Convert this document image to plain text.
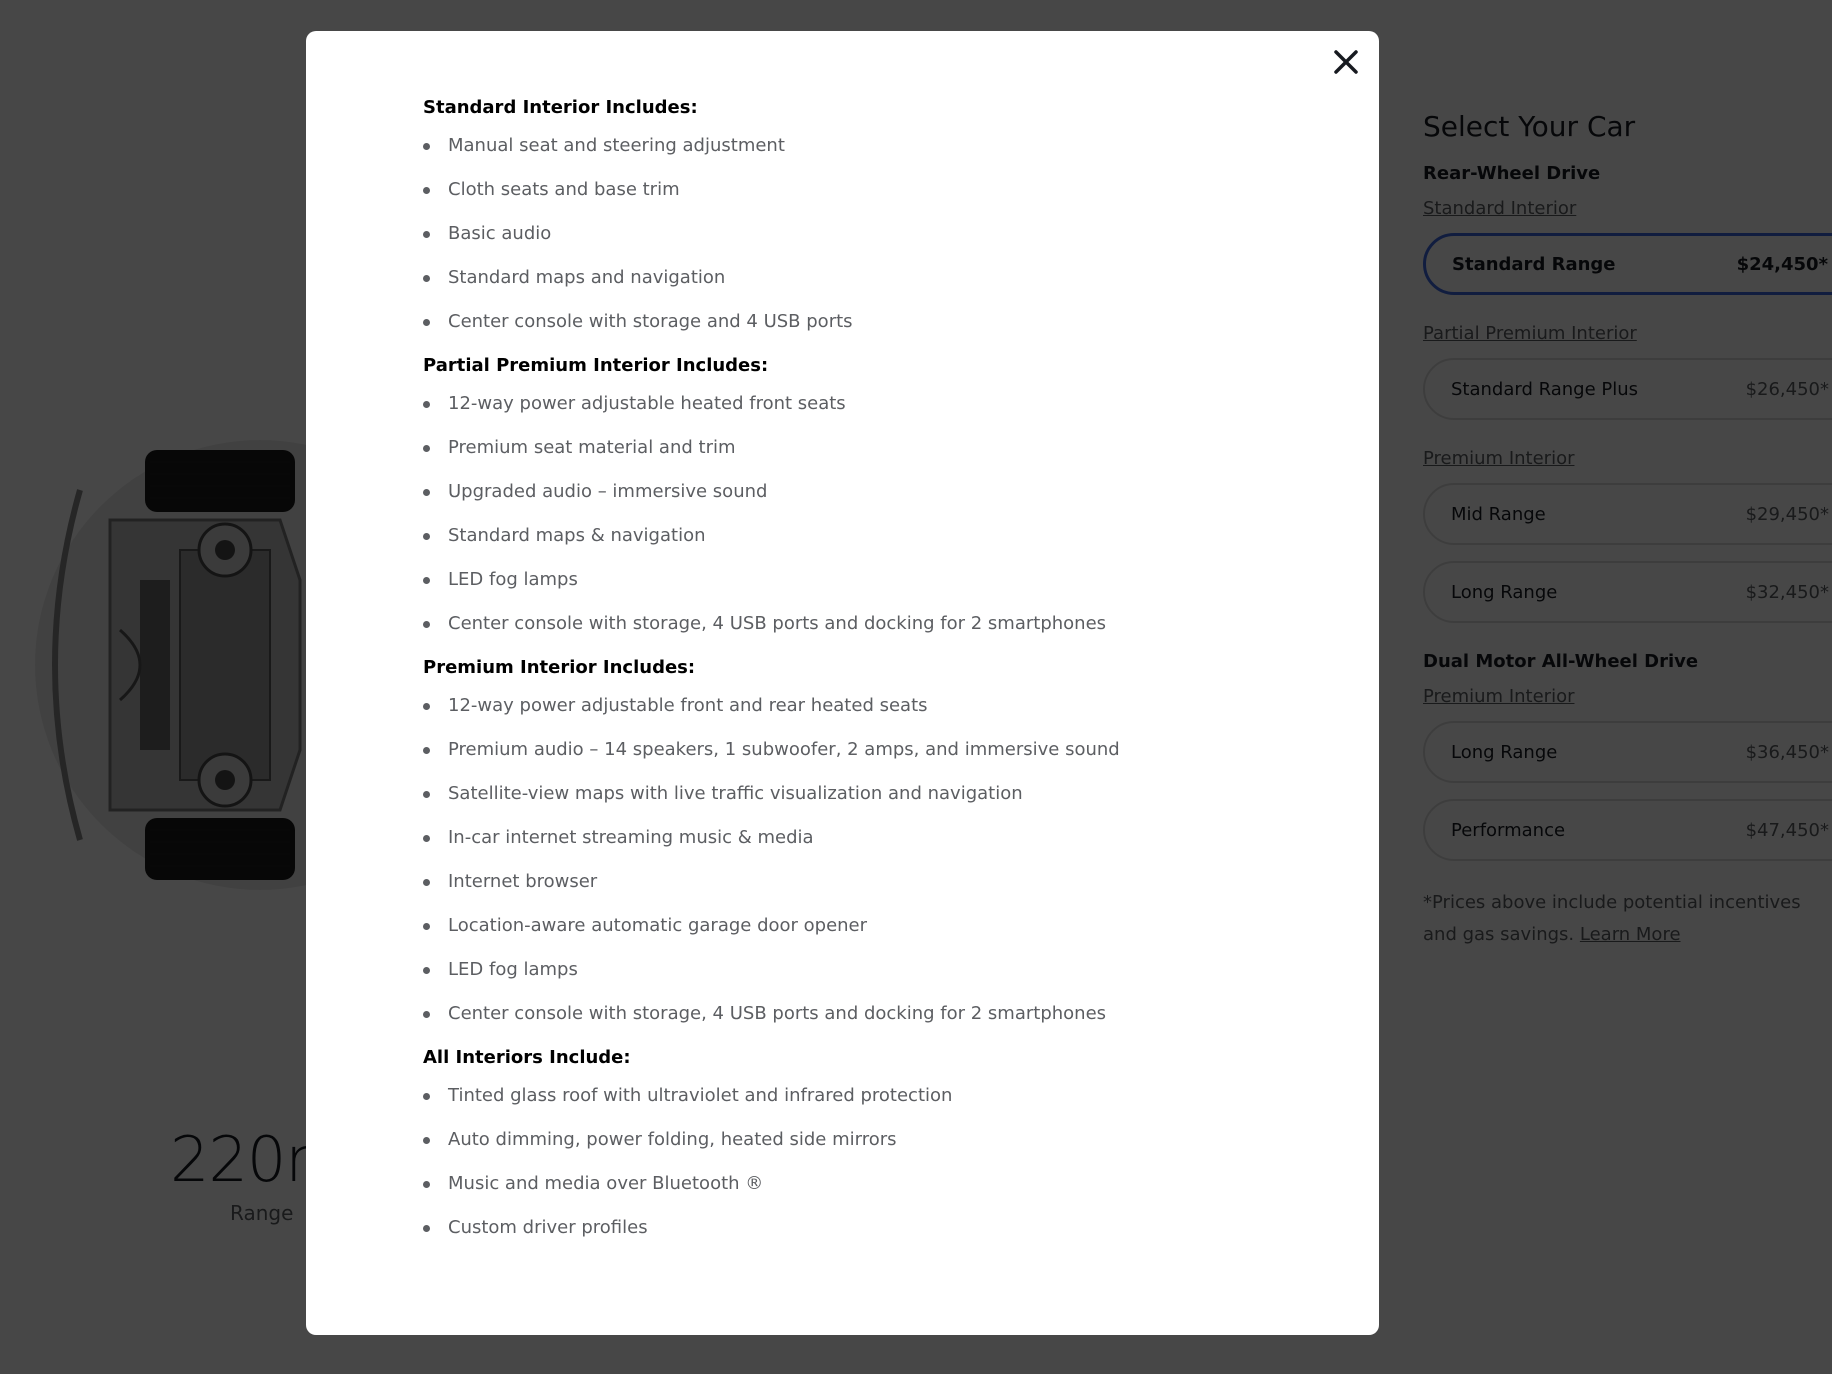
Standard Interior Includes:
Manual seat and steering adjustment
Cloth seats and base trim
Basic audio
Standard maps and navigation
Center console with storage and 4 USB ports
Partial Premium Interior Includes:
12-way power adjustable heated front seats
Premium seat material and trim
Upgraded audio – immersive sound
Standard maps & navigation
LED fog lamps
Center console with storage, 4 USB ports and docking for 2 smartphones
Premium Interior Includes:
12-way power adjustable front and rear heated seats
Premium audio – 14 speakers, 1 subwoofer, 2 amps, and immersive sound
Satellite-view maps with live traffic visualization and navigation
In-car internet streaming music & media
Internet browser
Location-aware automatic garage door opener
LED fog lamps
Center console with storage, 4 USB ports and docking for 2 smartphones
All Interiors Include:
Tinted glass roof with ultraviolet and infrared protection
Auto dimming, power folding, heated side mirrors
Music and media over Bluetooth ®
Custom driver profiles
